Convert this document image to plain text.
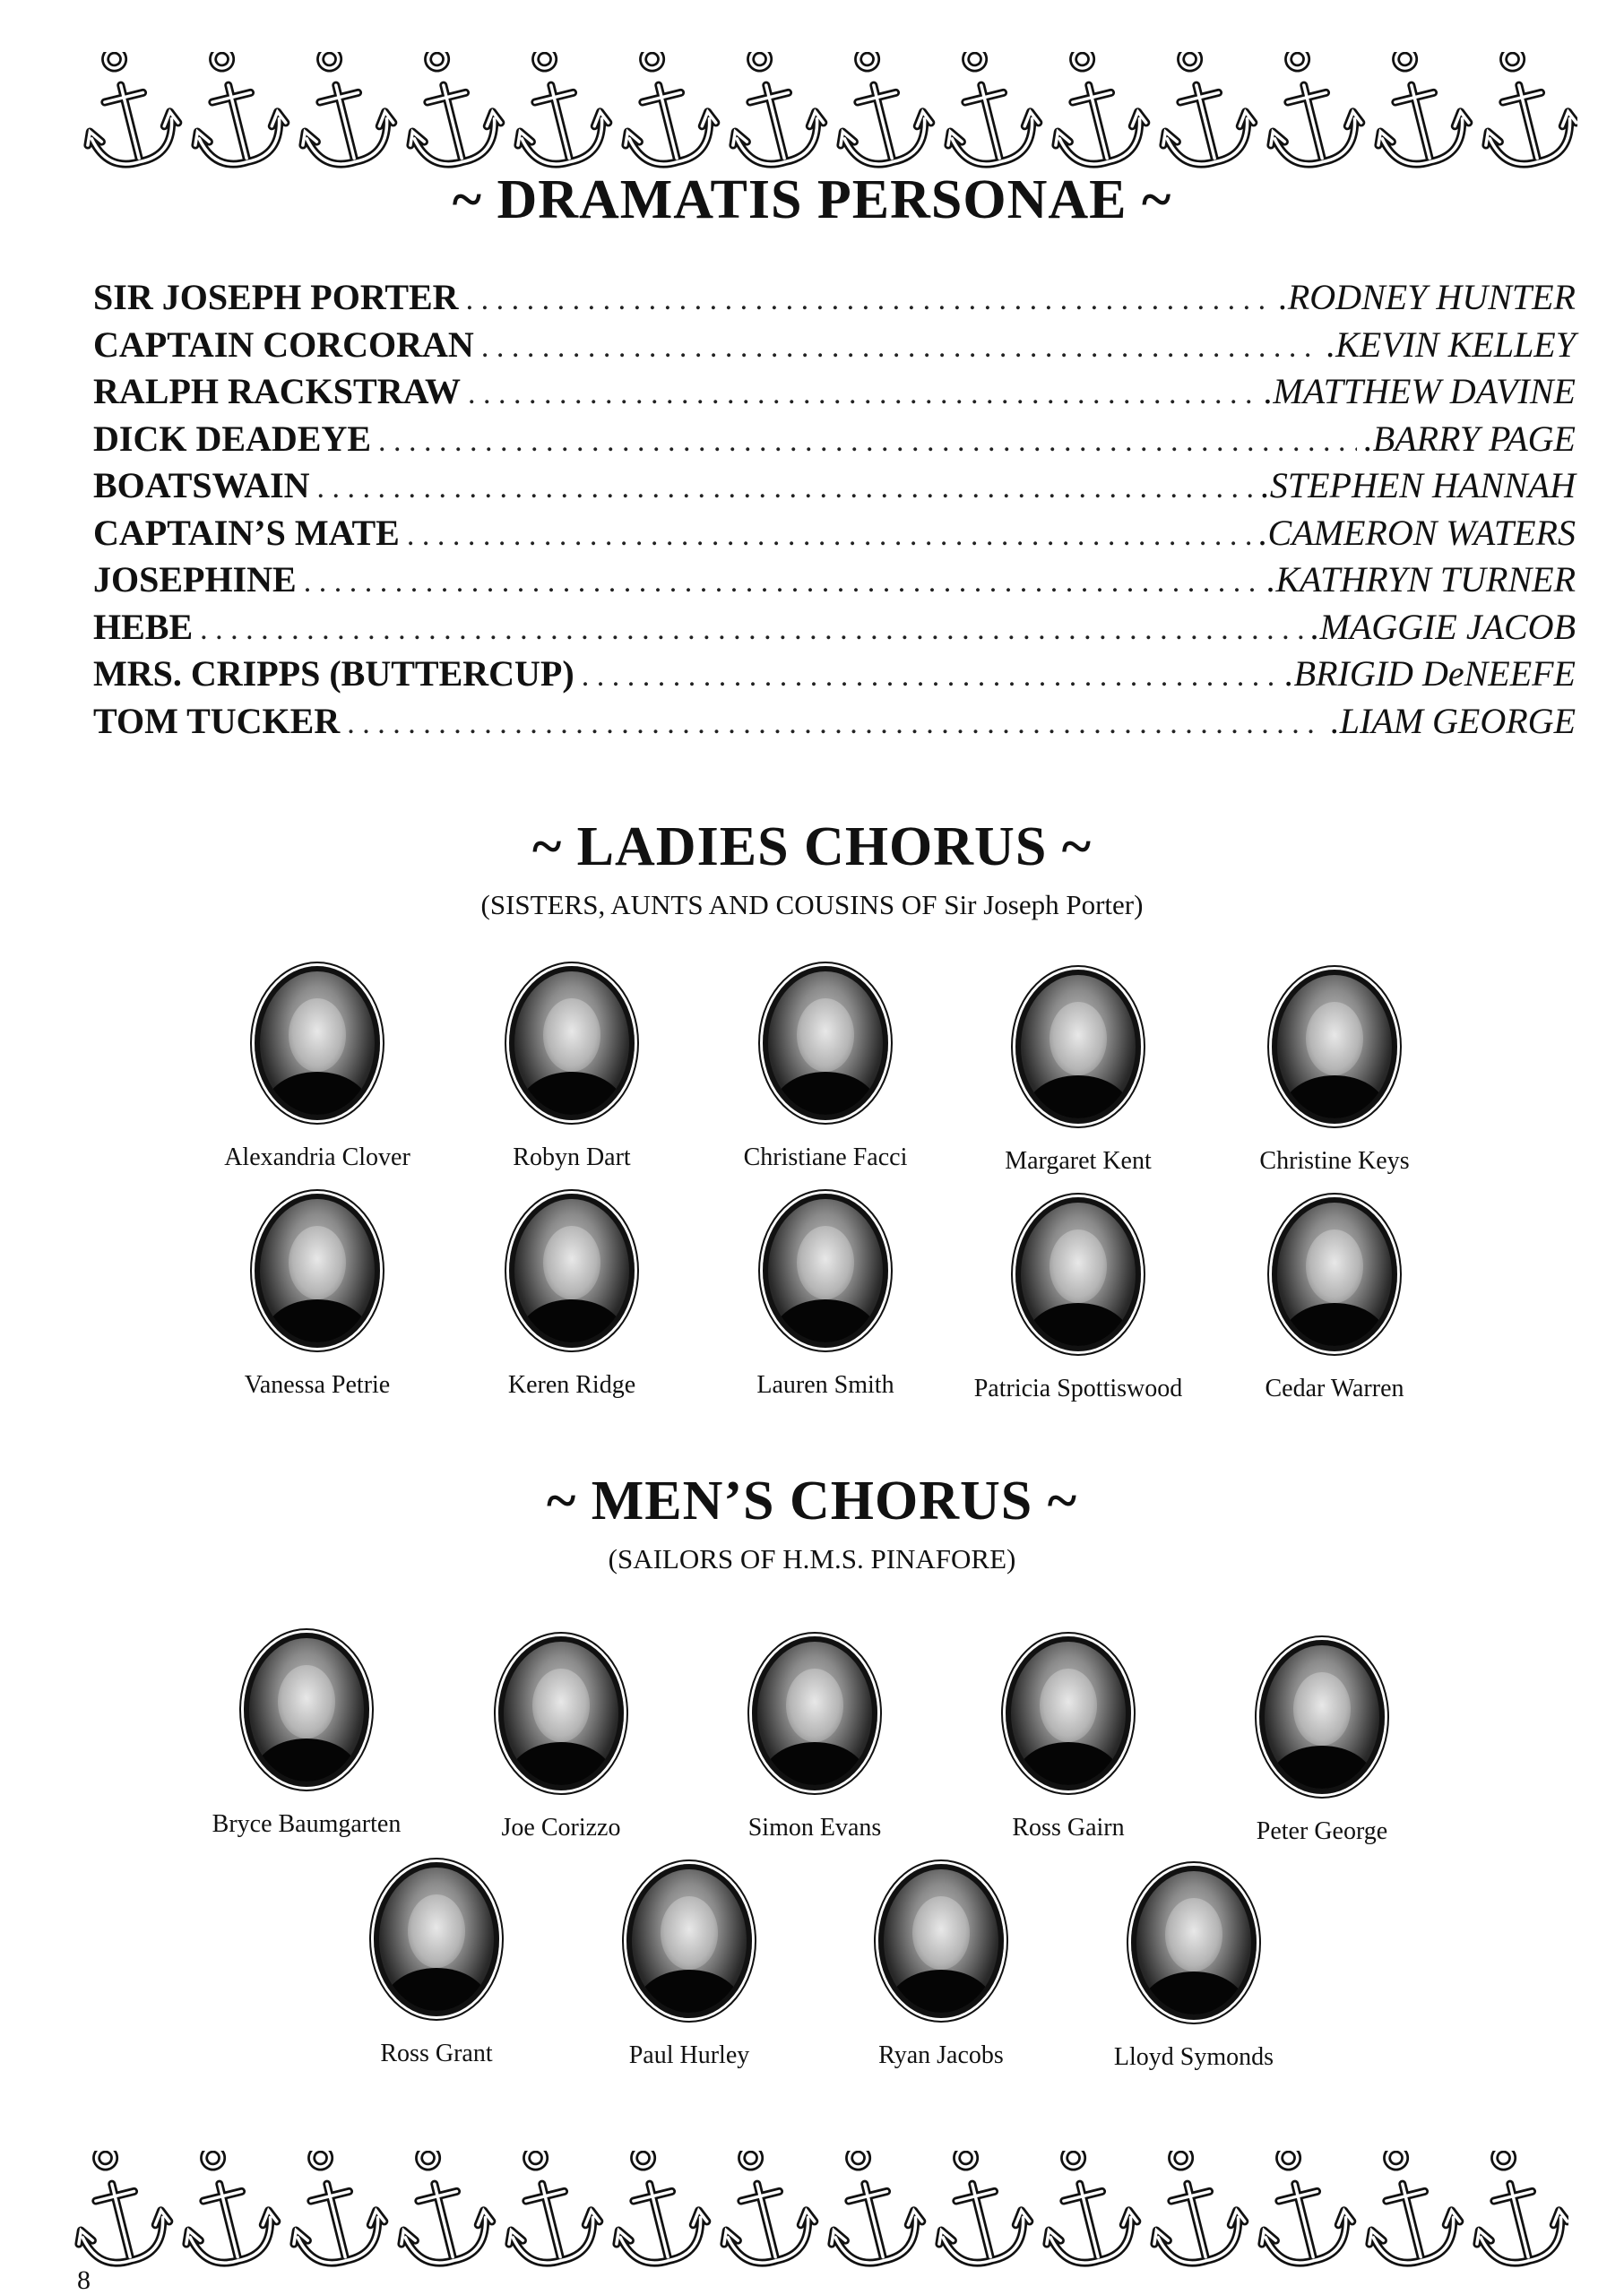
~ DRAMATIS PERSONAE ~
SIR JOSEPH PORTER . . .	.RODNEY HUNTER
CAPTAIN CORCORAN . . .	.KEVIN KELLEY
RALPH RACKSTRAW . . .	.MATTHEW DAVINE
DICK DEADEYE . . .	.BARRY PAGE
BOATSWAIN . . .	.STEPHEN HANNAH
CAPTAIN’S MATE . . .	.CAMERON WATERS
JOSEPHINE . . .	.KATHRYN TURNER
HEBE . . .	.MAGGIE JACOB
MRS. CRIPPS (BUTTERCUP) . . .	.BRIGID DeNEEFE
TOM TUCKER . . .	.LIAM GEORGE
~ LADIES CHORUS ~

(SISTERS, AUNTS AND COUSINS OF Sir Joseph Porter)

Alexandria Clover	Robyn Dart	Christiane Facci	Margaret Kent	Christine Keys
Vanessa Petrie	Keren Ridge	Lauren Smith	Patricia Spottiswood	Cedar Warren
~ MEN’S CHORUS ~

(SAILORS OF H.M.S. PINAFORE)

Bryce Baumgarten	Joe Corizzo	Simon Evans	Ross Gairn	Peter George
Ross Grant	Paul Hurley	Ryan Jacobs	Lloyd Symonds

8
